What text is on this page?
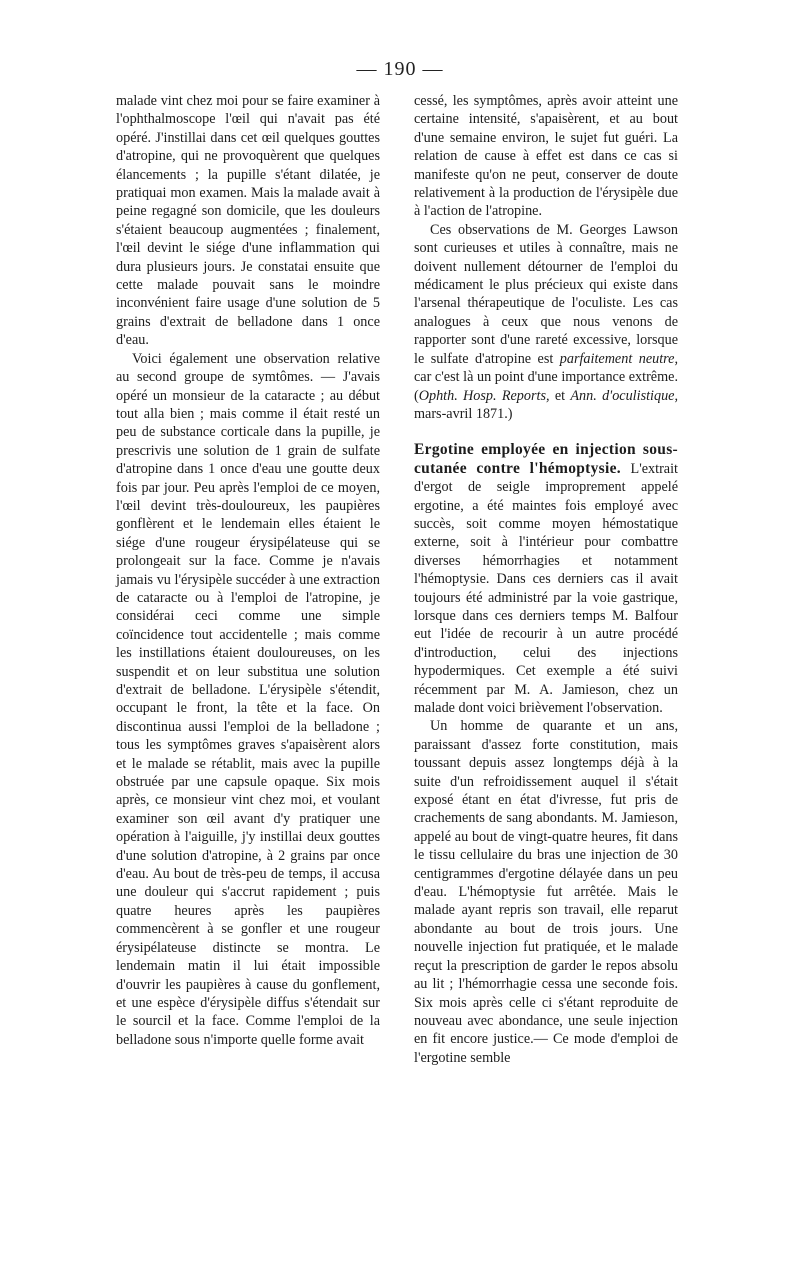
— 190 —

malade vint chez moi pour se faire examiner à l'ophthalmoscope l'œil qui n'avait pas été opéré. J'instillai dans cet œil quelques gouttes d'atropine, qui ne provoquèrent que quelques élancements ; la pupille s'étant dilatée, je pratiquai mon examen. Mais la malade avait à peine regagné son domicile, que les douleurs s'étaient beaucoup augmentées ; finalement, l'œil devint le siége d'une inflammation qui dura plusieurs jours. Je constatai ensuite que cette malade pouvait sans le moindre inconvénient faire usage d'une solution de 5 grains d'extrait de belladone dans 1 once d'eau.

Voici également une observation relative au second groupe de symtômes. — J'avais opéré un monsieur de la cataracte ; au début tout alla bien ; mais comme il était resté un peu de substance corticale dans la pupille, je prescrivis une solution de 1 grain de sulfate d'atropine dans 1 once d'eau une goutte deux fois par jour. Peu après l'emploi de ce moyen, l'œil devint très-douloureux, les paupières gonflèrent et le lendemain elles étaient le siége d'une rougeur érysipélateuse qui se prolongeait sur la face. Comme je n'avais jamais vu l'érysipèle succéder à une extraction de cataracte ou à l'emploi de l'atropine, je considérai ceci comme une simple coïncidence tout accidentelle ; mais comme les instillations étaient douloureuses, on les suspendit et on leur substitua une solution d'extrait de belladone. L'érysipèle s'étendit, occupant le front, la tête et la face. On discontinua aussi l'emploi de la belladone ; tous les symptômes graves s'apaisèrent alors et le malade se rétablit, mais avec la pupille obstruée par une capsule opaque. Six mois après, ce monsieur vint chez moi, et voulant examiner son œil avant d'y pratiquer une opération à l'aiguille, j'y instillai deux gouttes d'une solution d'atropine, à 2 grains par once d'eau. Au bout de très-peu de temps, il accusa une douleur qui s'accrut rapidement ; puis quatre heures après les paupières commencèrent à se gonfler et une rougeur érysipélateuse distincte se montra. Le lendemain matin il lui était impossible d'ouvrir les paupières à cause du gonflement, et une espèce d'érysipèle diffus s'étendait sur le sourcil et la face. Comme l'emploi de la belladone sous n'importe quelle forme avait

cessé, les symptômes, après avoir atteint une certaine intensité, s'apaisèrent, et au bout d'une semaine environ, le sujet fut guéri. La relation de cause à effet est dans ce cas si manifeste qu'on ne peut, conserver de doute relativement à la production de l'érysipèle due à l'action de l'atropine.

Ces observations de M. Georges Lawson sont curieuses et utiles à connaître, mais ne doivent nullement détourner de l'emploi du médicament le plus précieux qui existe dans l'arsenal thérapeutique de l'oculiste. Les cas analogues à ceux que nous venons de rapporter sont d'une rareté excessive, lorsque le sulfate d'atropine est parfaitement neutre, car c'est là un point d'une importance extrême. (Ophth. Hosp. Reports, et Ann. d'oculistique, mars-avril 1871.)

Ergotine employée en injection sous-cutanée contre l'hémoptysie. L'extrait d'ergot de seigle improprement appelé ergotine, a été maintes fois employé avec succès, soit comme moyen hémostatique externe, soit à l'intérieur pour combattre diverses hémorrhagies et notamment l'hémoptysie. Dans ces derniers cas il avait toujours été administré par la voie gastrique, lorsque dans ces derniers temps M. Balfour eut l'idée de recourir à un autre procédé d'introduction, celui des injections hypodermiques. Cet exemple a été suivi récemment par M. A. Jamieson, chez un malade dont voici brièvement l'observation.

Un homme de quarante et un ans, paraissant d'assez forte constitution, mais toussant depuis assez longtemps déjà à la suite d'un refroidissement auquel il s'était exposé étant en état d'ivresse, fut pris de crachements de sang abondants. M. Jamieson, appelé au bout de vingt-quatre heures, fit dans le tissu cellulaire du bras une injection de 30 centigrammes d'ergotine délayée dans un peu d'eau. L'hémoptysie fut arrêtée. Mais le malade ayant repris son travail, elle reparut abondante au bout de trois jours. Une nouvelle injection fut pratiquée, et le malade reçut la prescription de garder le repos absolu au lit ; l'hémorrhagie cessa une seconde fois. Six mois après celle ci s'étant reproduite de nouveau avec abondance, une seule injection en fit encore justice.— Ce mode d'emploi de l'ergotine semble
